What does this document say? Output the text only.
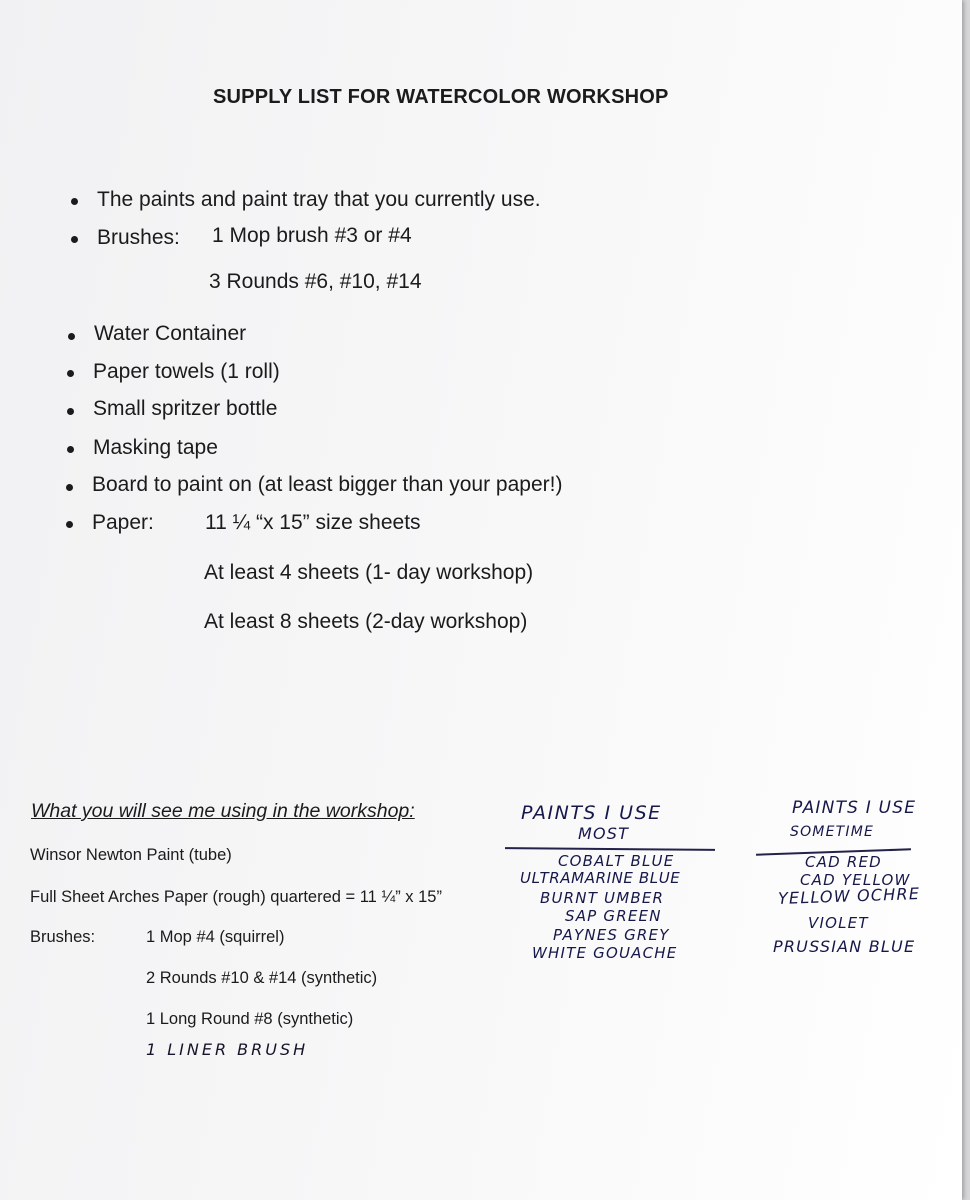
SUPPLY LIST FOR WATERCOLOR WORKSHOP
The paints and paint tray that you currently use.
Brushes: 1 Mop brush #3 or #4
3 Rounds #6, #10, #14
Water Container
Paper towels (1 roll)
Small spritzer bottle
Masking tape
Board to paint on (at least bigger than your paper!)
Paper: 11 ¼ “x 15” size sheets
At least 4 sheets (1- day workshop)
At least 8 sheets (2-day workshop)
What you will see me using in the workshop:
Winsor Newton Paint (tube)
Full Sheet Arches Paper (rough) quartered = 11 ¼” x 15”
Brushes:	1 Mop #4 (squirrel)
2 Rounds #10 & #14 (synthetic)
1 Long Round #8 (synthetic)
1 LINER BRUSH
PAINTS I USE
MOST
COBALT BLUE
ULTRAMARINE BLUE
BURNT UMBER
SAP GREEN
PAYNES GREY
WHITE GOUACHE
PAINTS I USE
SOMETIME
CAD RED
CAD YELLOW
YELLOW OCHRE
VIOLET
PRUSSIAN BLUE
